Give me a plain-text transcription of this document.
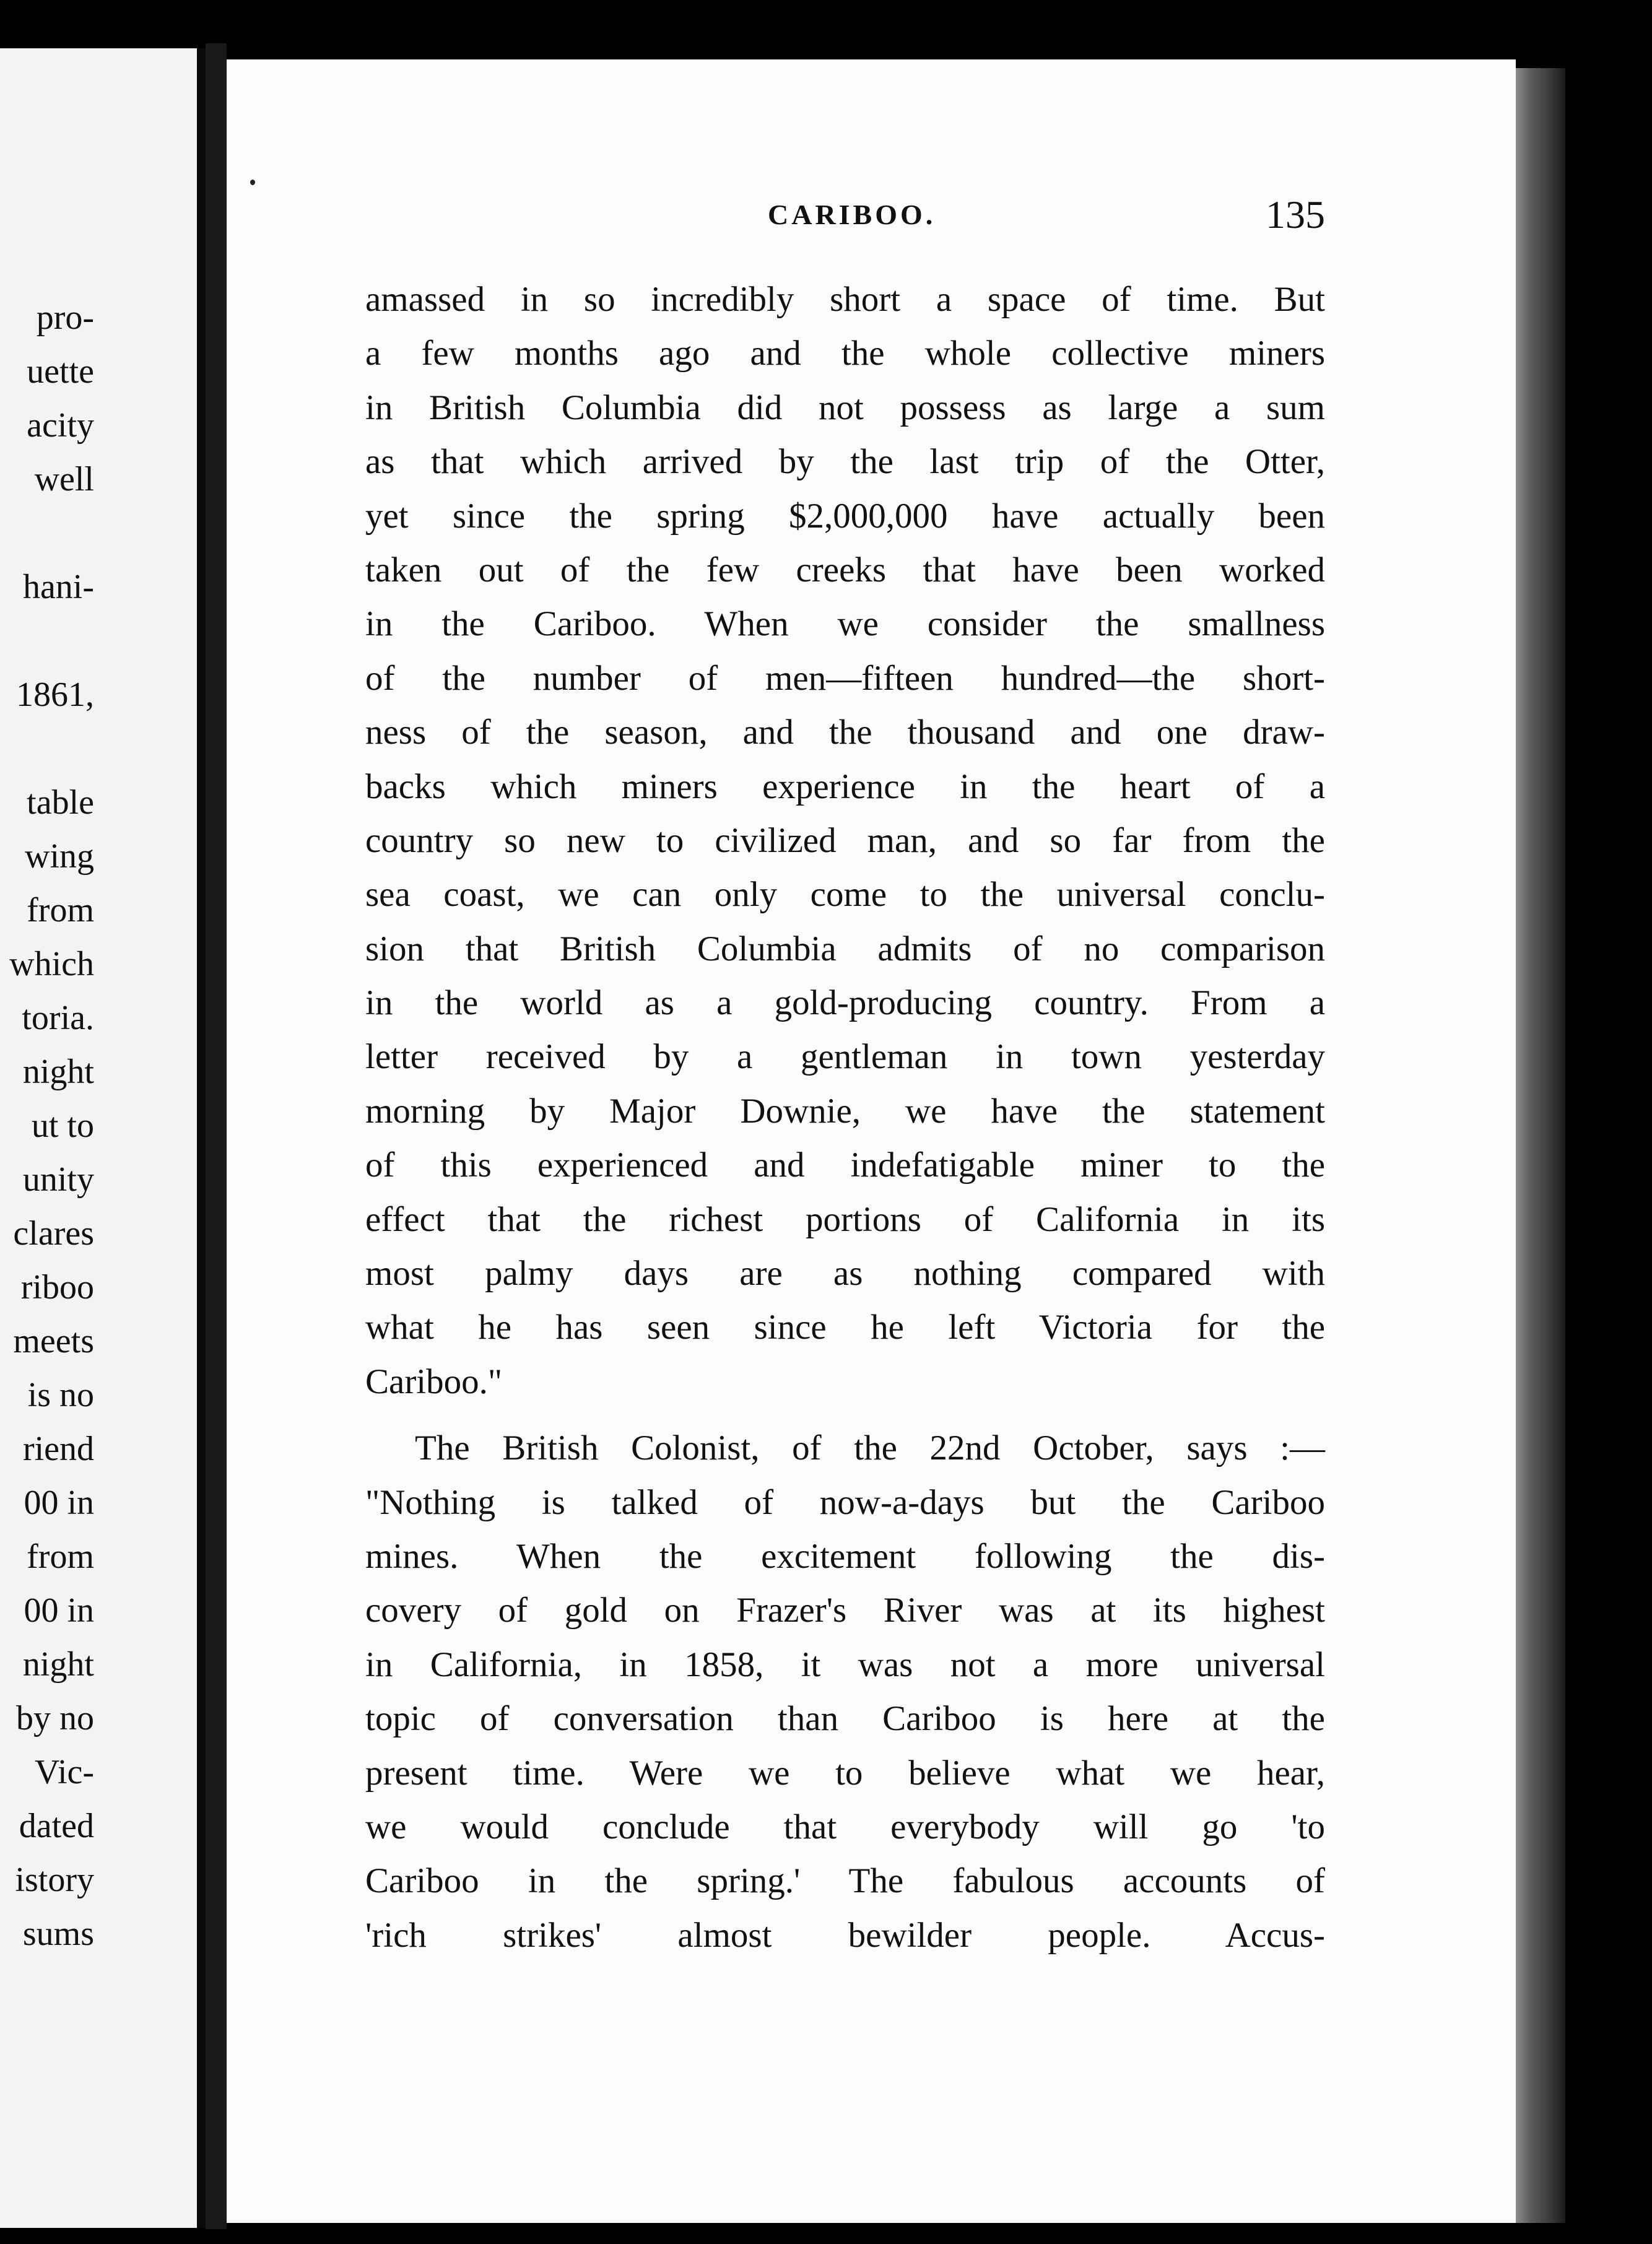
pro-
uette
acity
well
hani-
1861,
table
wing
from
which
toria.
night
ut to
unity
clares
riboo
meets
is no
riend
00 in
from
00 in
night
by no
Vic-
dated
istory
sums
CARIBOO.	135
amassed in so incredibly short a space of time. But
a few months ago and the whole collective miners
in British Columbia did not possess as large a sum
as that which arrived by the last trip of the Otter,
yet since the spring $2,000,000 have actually been
taken out of the few creeks that have been worked
in the Cariboo. When we consider the smallness
of the number of men—fifteen hundred—the short-
ness of the season, and the thousand and one draw-
backs which miners experience in the heart of a
country so new to civilized man, and so far from the
sea coast, we can only come to the universal conclu-
sion that British Columbia admits of no comparison
in the world as a gold-producing country. From a
letter received by a gentleman in town yesterday
morning by Major Downie, we have the statement
of this experienced and indefatigable miner to the
effect that the richest portions of California in its
most palmy days are as nothing compared with
what he has seen since he left Victoria for the
Cariboo."
The British Colonist, of the 22nd October, says :—
"Nothing is talked of now-a-days but the Cariboo
mines. When the excitement following the dis-
covery of gold on Frazer's River was at its highest
in California, in 1858, it was not a more universal
topic of conversation than Cariboo is here at the
present time. Were we to believe what we hear,
we would conclude that everybody will go 'to
Cariboo in the spring.' The fabulous accounts of
'rich strikes' almost bewilder people. Accus-
